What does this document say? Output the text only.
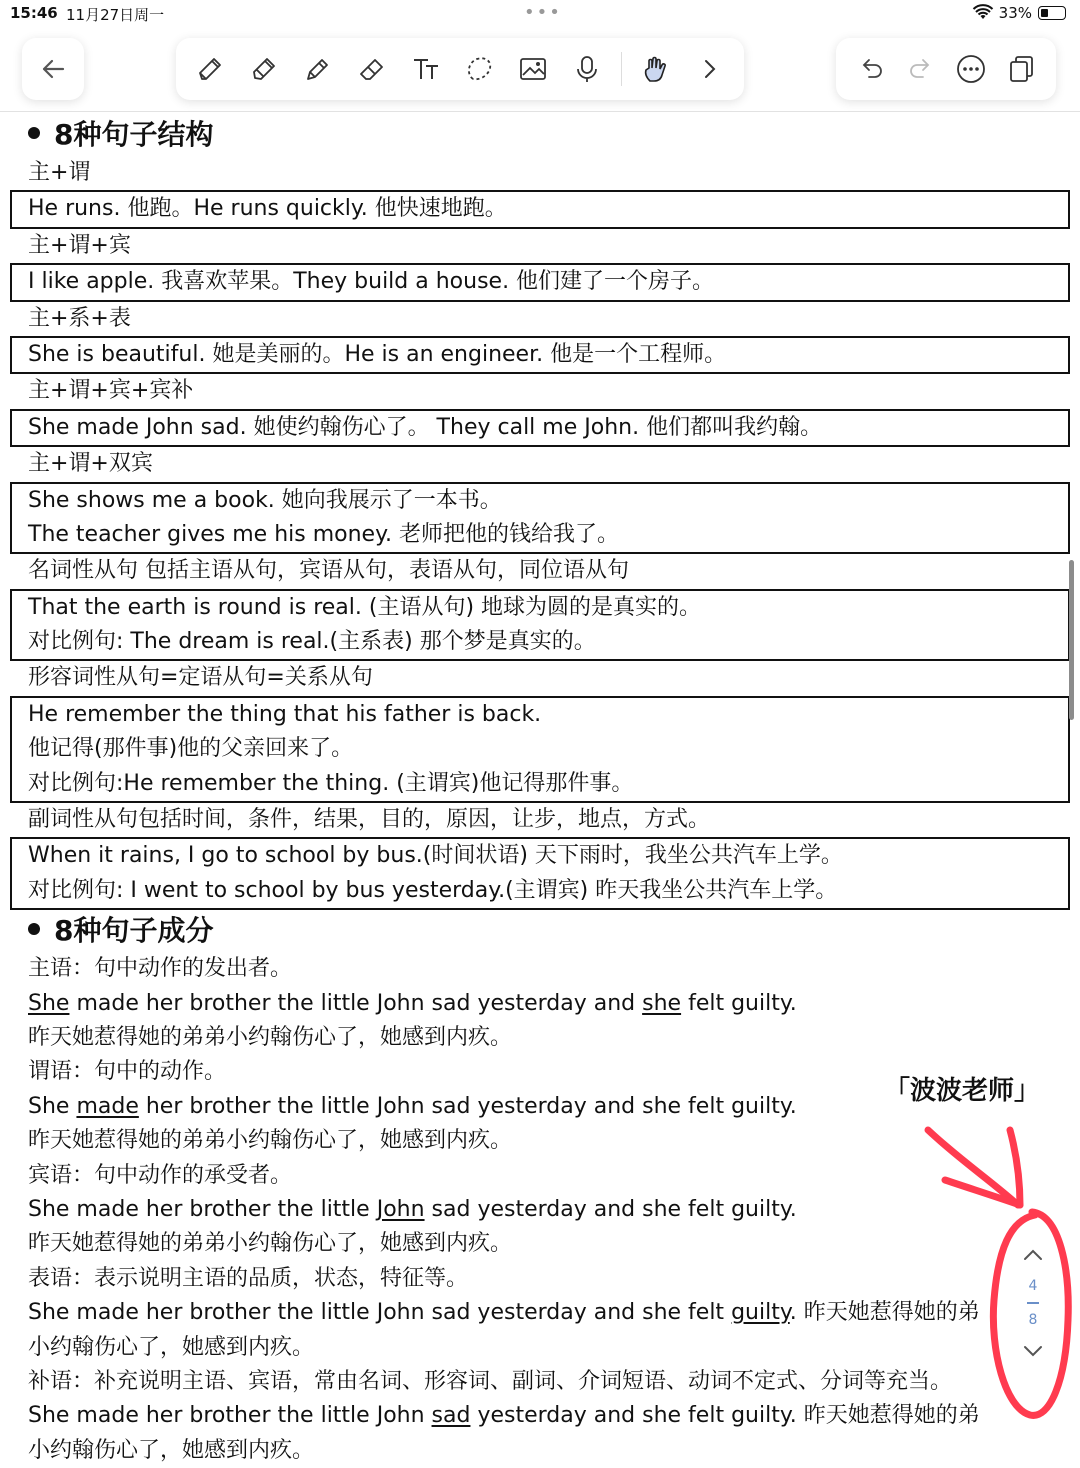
15:46 11月27日周一	•••	33%
8种句子结构
主+谓
He runs. 他跑。He runs quickly. 他快速地跑。
主+谓+宾
I like apple. 我喜欢苹果。They build a house. 他们建了一个房子。
主+系+表
She is beautiful. 她是美丽的。He is an engineer. 他是一个工程师。
主+谓+宾+宾补
She made John sad. 她使约翰伤心了。 They call me John. 他们都叫我约翰。
主+谓+双宾
She shows me a book. 她向我展示了一本书。
The teacher gives me his money. 老师把他的钱给我了。
名词性从句 包括主语从句，宾语从句，表语从句，同位语从句
That the earth is round is real. (主语从句) 地球为圆的是真实的。
对比例句: The dream is real.(主系表) 那个梦是真实的。
形容词性从句=定语从句=关系从句
He remember the thing that his father is back.
他记得(那件事)他的父亲回来了。
对比例句:He remember the thing. (主谓宾)他记得那件事。
副词性从句包括时间，条件，结果，目的，原因，让步，地点，方式。
When it rains, I go to school by bus.(时间状语) 天下雨时，我坐公共汽车上学。
对比例句: I went to school by bus yesterday.(主谓宾) 昨天我坐公共汽车上学。
8种句子成分
主语：句中动作的发出者。
She made her brother the little John sad yesterday and she felt guilty.
昨天她惹得她的弟弟小约翰伤心了，她感到内疚。
谓语：句中的动作。
She made her brother the little John sad yesterday and she felt guilty.
昨天她惹得她的弟弟小约翰伤心了，她感到内疚。
宾语：句中动作的承受者。
She made her brother the little John sad yesterday and she felt guilty.
昨天她惹得她的弟弟小约翰伤心了，她感到内疚。
表语：表示说明主语的品质，状态，特征等。
She made her brother the little John sad yesterday and she felt guilty. 昨天她惹得她的弟
小约翰伤心了，她感到内疚。
补语：补充说明主语、宾语，常由名词、形容词、副词、介词短语、动词不定式、分词等充当。
She made her brother the little John sad yesterday and she felt guilty. 昨天她惹得她的弟
小约翰伤心了，她感到内疚。
「波波老师」
4
8
